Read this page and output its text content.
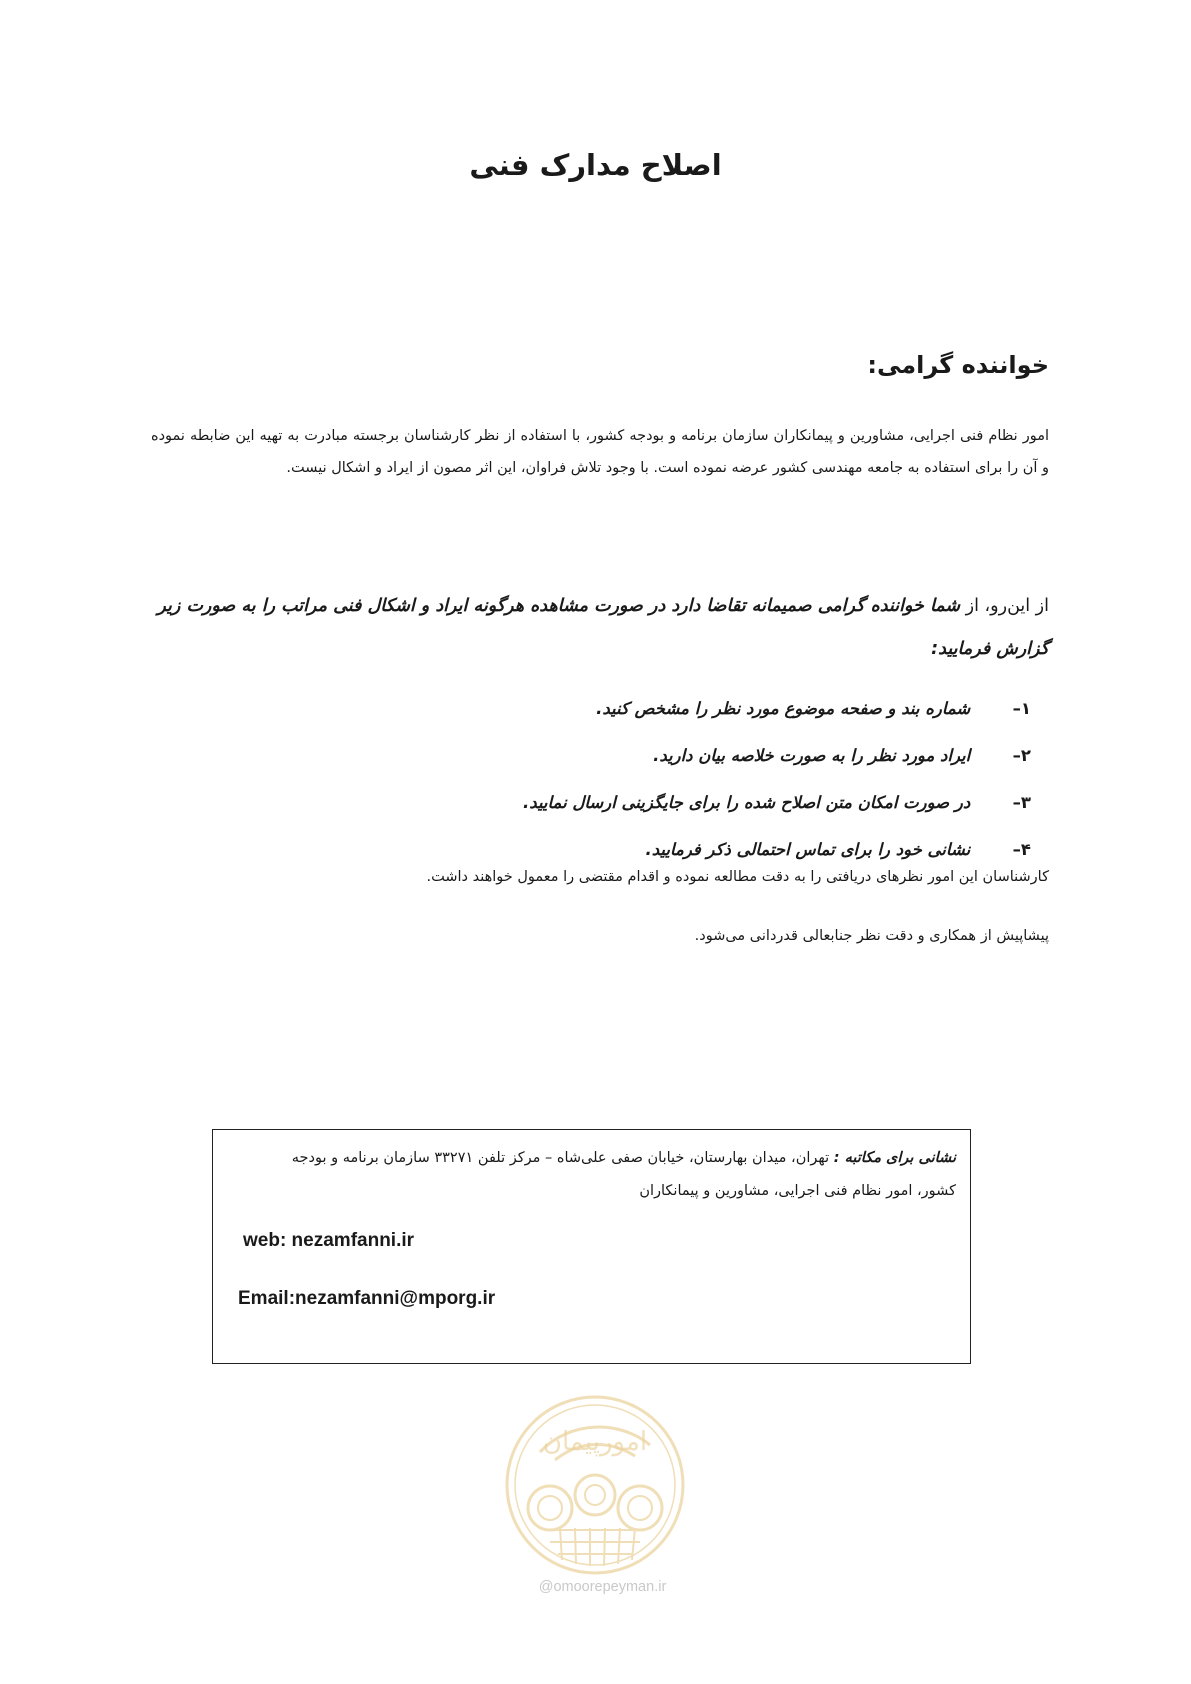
اصلاح مدارک فنی
خواننده گرامی:

امور نظام فنی اجرایی، مشاورین و پیمانکاران سازمان برنامه و بودجه کشور، با استفاده از نظر کارشناسان برجسته مبادرت به تهیه این ضابطه نموده و آن را برای استفاده به جامعه مهندسی کشور عرضه نموده است. با وجود تلاش فراوان، این اثر مصون از ایراد و اشکال نیست.

از این‌رو، از شما خواننده گرامی صمیمانه تقاضا دارد در صورت مشاهده هرگونه ایراد و اشکال فنی مراتب را به صورت زیر گزارش فرمایید:

۱– شماره بند و صفحه موضوع مورد نظر را مشخص کنید.
۲– ایراد مورد نظر را به صورت خلاصه بیان دارید.
۳– در صورت امکان متن اصلاح شده را برای جایگزینی ارسال نمایید.
۴– نشانی خود را برای تماس احتمالی ذکر فرمایید.

کارشناسان این امور نظرهای دریافتی را به دقت مطالعه نموده و اقدام مقتضی را معمول خواهند داشت.

پیشاپیش از همکاری و دقت نظر جنابعالی قدردانی می‌شود.

نشانی برای مکاتبه : تهران، میدان بهارستان، خیابان صفی علی‌شاه – مرکز تلفن ۳۳۲۷۱ سازمان برنامه و بودجه کشور، امور نظام فنی اجرایی، مشاورین و پیمانکاران

web: nezamfanni.ir

Email:nezamfanni@mporg.ir

امورپیمان
@omoorepeyman.ir
